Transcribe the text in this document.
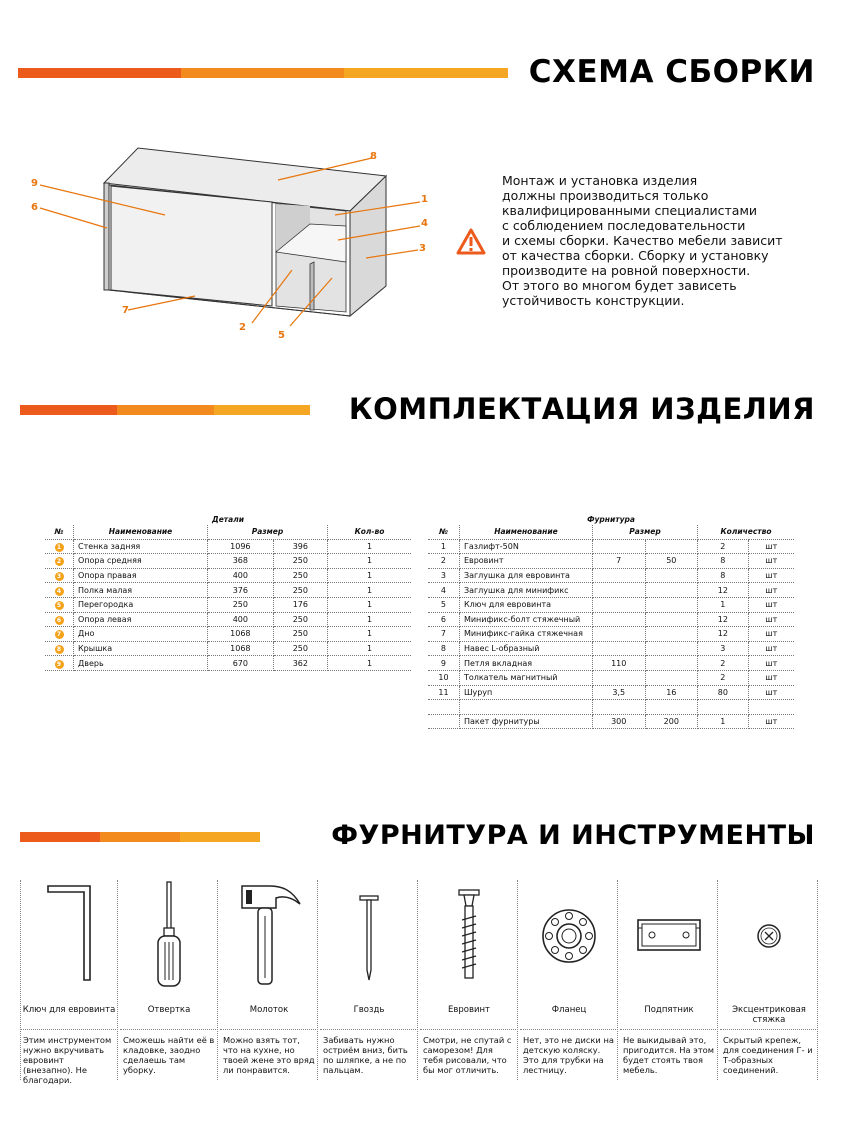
СХЕМА СБОРКИ
8
9
6
1
4
3
7
2
5
Монтаж и установка изделия
должны производиться только
квалифицированными специалистами
с соблюдением последовательности
и схемы сборки. Качество мебели зависит
от качества сборки. Сборку и установку
производите на ровной поверхности.
От этого во многом будет зависеть
устойчивость конструкции.
КОМПЛЕКТАЦИЯ ИЗДЕЛИЯ
Детали
№	Наименование	Размер		Кол-во
1	Стенка задняя	1096	396	1
2	Опора средняя	368	250	1
3	Опора правая	400	250	1
4	Полка малая	376	250	1
5	Перегородка	250	176	1
6	Опора левая	400	250	1
7	Дно	1068	250	1
8	Крышка	1068	250	1
9	Дверь	670	362	1
Фурнитура
№	Наименование	Размер		Количество	
1	Газлифт-50N			2	шт
2	Евровинт	7	50	8	шт
3	Заглушка для евровинта			8	шт
4	Заглушка для минификс			12	шт
5	Ключ для евровинта			1	шт
6	Минификс-болт стяжечный			12	шт
7	Минификс-гайка стяжечная			12	шт
8	Навес L-образный			3	шт
9	Петля вкладная	110		2	шт
10	Толкатель магнитный			2	шт
11	Шуруп	3,5	16	80	шт

	Пакет фурнитуры	300	200	1	шт
ФУРНИТУРА И ИНСТРУМЕНТЫ
Ключ для евровинта
Этим инструментом нужно вкручивать евровинт (внезапно). Не благодари.
Отвертка
Сможешь найти её в кладовке, заодно сделаешь там уборку.
Молоток
Можно взять тот, что на кухне, но твоей жене это вряд ли понравится.
Гвоздь
Забивать нужно остриём вниз, бить по шляпке, а не по пальцам.
Евровинт
Смотри, не спутай с саморезом! Для тебя рисовали, что бы мог отличить.
Фланец
Нет, это не диски на детскую коляску. Это для трубки на лестницу.
Подпятник
Не выкидывай это, пригодится. На этом будет стоять твоя мебель.
Эксцентриковая стяжка
Скрытый крепеж, для соединения Г- и Т-образных соединений.
